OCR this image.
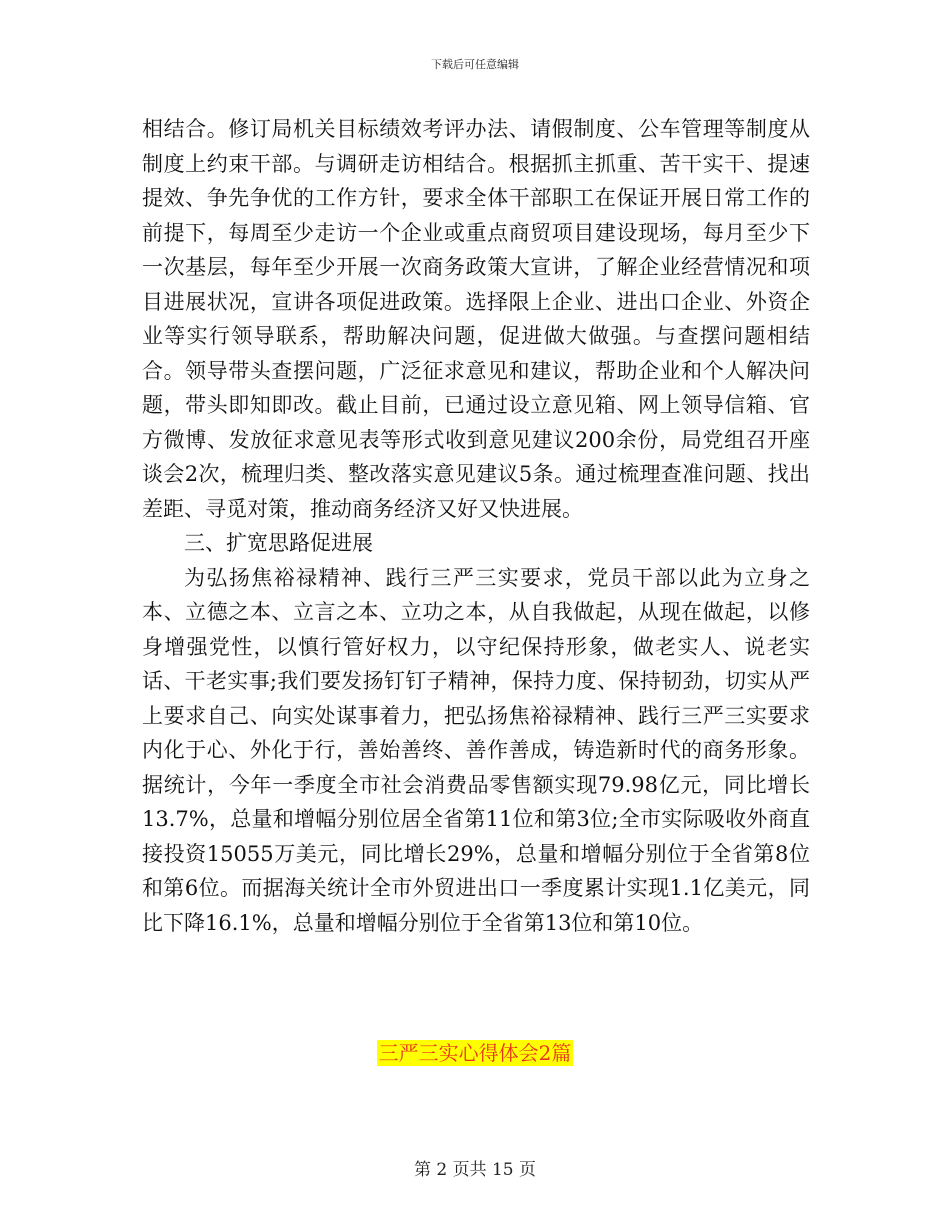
下载后可任意编辑

相结合。修订局机关目标绩效考评办法、请假制度、公车管理等制度从制度上约束干部。与调研走访相结合。根据抓主抓重、苦干实干、提速提效、争先争优的工作方针，要求全体干部职工在保证开展日常工作的前提下，每周至少走访一个企业或重点商贸项目建设现场，每月至少下一次基层，每年至少开展一次商务政策大宣讲，了解企业经营情况和项目进展状况，宣讲各项促进政策。选择限上企业、进出口企业、外资企业等实行领导联系，帮助解决问题，促进做大做强。与查摆问题相结合。领导带头查摆问题，广泛征求意见和建议，帮助企业和个人解决问题，带头即知即改。截止目前，已通过设立意见箱、网上领导信箱、官方微博、发放征求意见表等形式收到意见建议200余份，局党组召开座谈会2次，梳理归类、整改落实意见建议5条。通过梳理查准问题、找出差距、寻觅对策，推动商务经济又好又快进展。

三、扩宽思路促进展

为弘扬焦裕禄精神、践行三严三实要求，党员干部以此为立身之本、立德之本、立言之本、立功之本，从自我做起，从现在做起，以修身增强党性，以慎行管好权力，以守纪保持形象，做老实人、说老实话、干老实事;我们要发扬钉钉子精神，保持力度、保持韧劲，切实从严上要求自己、向实处谋事着力，把弘扬焦裕禄精神、践行三严三实要求内化于心、外化于行，善始善终、善作善成，铸造新时代的商务形象。据统计，今年一季度全市社会消费品零售额实现79.98亿元，同比增长13.7%，总量和增幅分别位居全省第11位和第3位;全市实际吸收外商直接投资15055万美元，同比增长29%，总量和增幅分别位于全省第8位和第6位。而据海关统计全市外贸进出口一季度累计实现1.1亿美元，同比下降16.1%，总量和增幅分别位于全省第13位和第10位。

三严三实心得体会2篇
第 2 页共 15 页
